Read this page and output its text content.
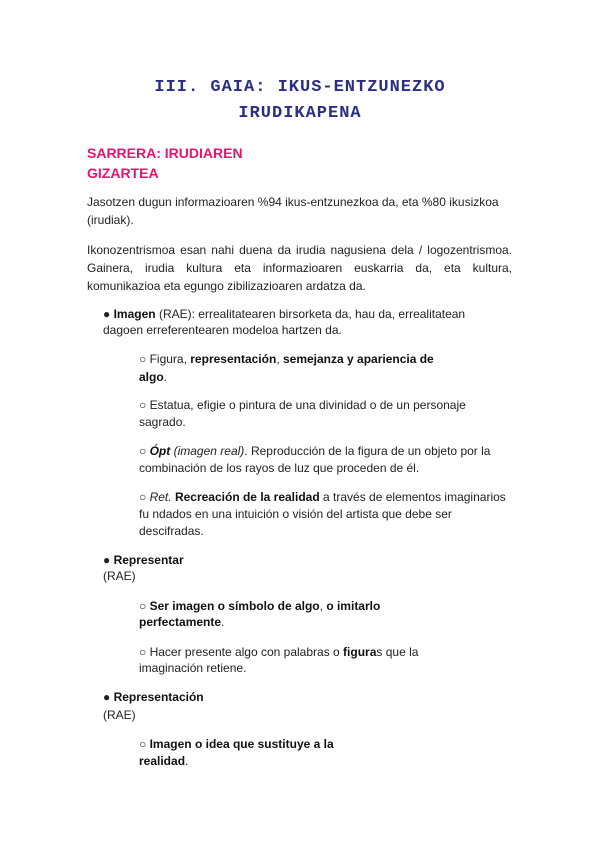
III. GAIA: IKUS-ENTZUNEZKO
IRUDIKAPENA
SARRERA: IRUDIAREN
GIZARTEA
Jasotzen dugun informazioaren %94 ikus-entzunezkoa da, eta %80 ikusizkoa
(irudiak).
Ikonozentrismoa esan nahi duena da irudia nagusiena dela / logozentrismoa.
Gainera, irudia kultura eta informazioaren euskarria da, eta kultura,
komunikazioa eta egungo zibilizazioaren ardatza da.
● Imagen (RAE): errealitatearen birsorketa da, hau da, errealitatean
dagoen erreferentearen modeloa hartzen da.
○ Figura, representación, semejanza y apariencia de
algo.
○ Estatua, efigie o pintura de una divinidad o de un personaje
sagrado.
○ Ópt (imagen real). Reproducción de la figura de un objeto por la
combinación de los rayos de luz que proceden de él.
○ Ret. Recreación de la realidad a través de elementos imaginarios
fu ndados en una intuición o visión del artista que debe ser
descifradas.
● Representar
(RAE)
○ Ser imagen o símbolo de algo, o imitarlo
perfectamente.
○ Hacer presente algo con palabras o figuras que la
imaginación retiene.
● Representación
(RAE)
○ Imagen o idea que sustituye a la
realidad.
